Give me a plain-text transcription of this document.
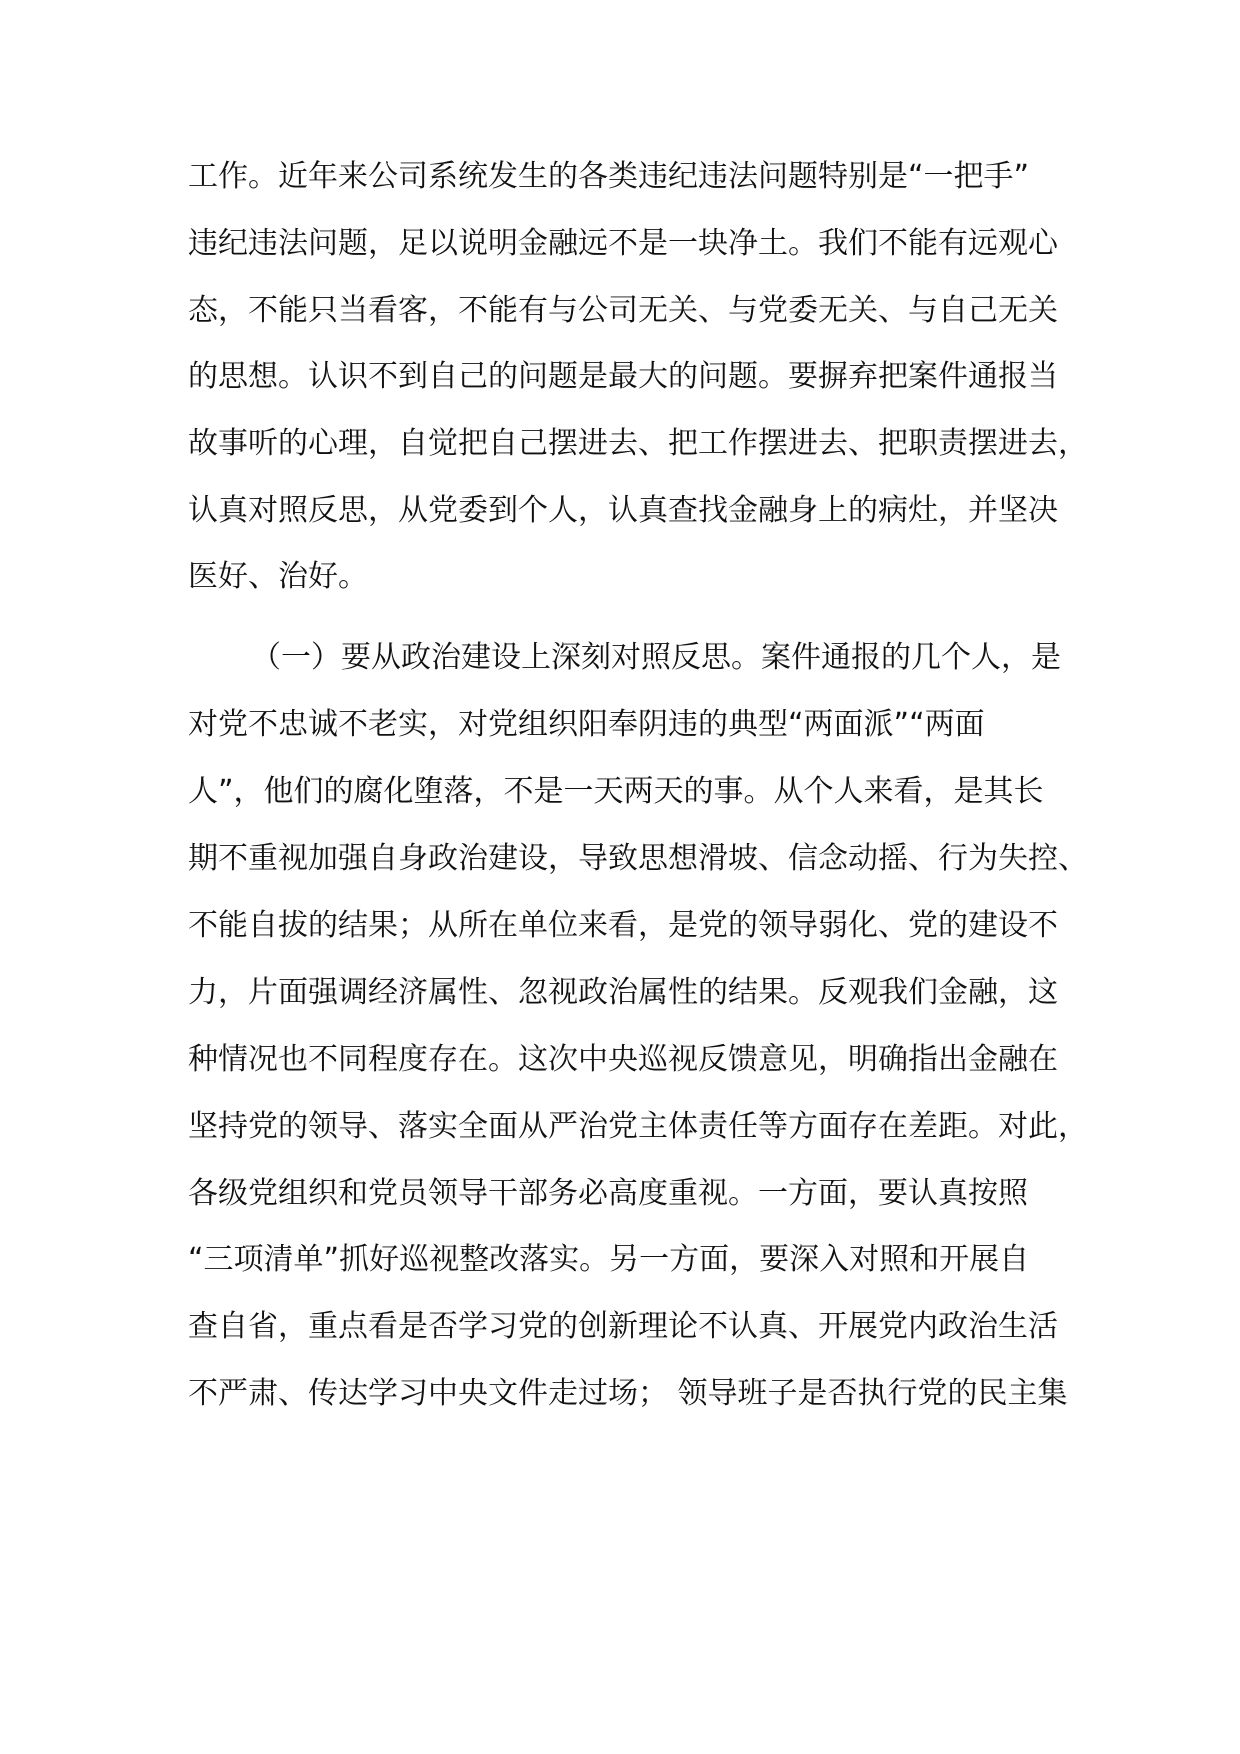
工作。近年来公司系统发生的各类违纪违法问题特别是“一把手”
违纪违法问题，足以说明金融远不是一块净土。我们不能有远观心
态，不能只当看客，不能有与公司无关、与党委无关、与自己无关
的思想。认识不到自己的问题是最大的问题。要摒弃把案件通报当
故事听的心理，自觉把自己摆进去、把工作摆进去、把职责摆进去，
认真对照反思，从党委到个人，认真查找金融身上的病灶，并坚决
医好、治好。
（一）要从政治建设上深刻对照反思。案件通报的几个人，是
对党不忠诚不老实，对党组织阳奉阴违的典型“两面派”“两面
人”，他们的腐化堕落，不是一天两天的事。从个人来看，是其长
期不重视加强自身政治建设，导致思想滑坡、信念动摇、行为失控、
不能自拔的结果；从所在单位来看，是党的领导弱化、党的建设不
力，片面强调经济属性、忽视政治属性的结果。反观我们金融，这
种情况也不同程度存在。这次中央巡视反馈意见，明确指出金融在
坚持党的领导、落实全面从严治党主体责任等方面存在差距。对此，
各级党组织和党员领导干部务必高度重视。一方面，要认真按照
“三项清单”抓好巡视整改落实。另一方面，要深入对照和开展自
查自省，重点看是否学习党的创新理论不认真、开展党内政治生活
不严肃、传达学习中央文件走过场； 领导班子是否执行党的民主集
